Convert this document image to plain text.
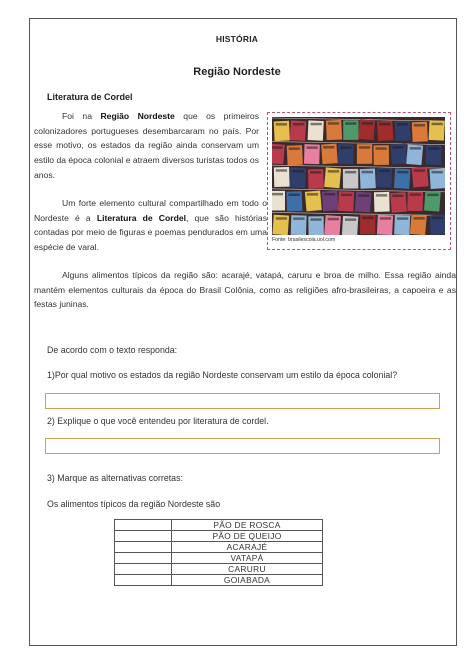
HISTÓRIA
Região Nordeste
Literatura de Cordel

Foi na Região Nordeste que os primeiros colonizadores portugueses desembarcaram no país. Por esse motivo, os estados da região ainda conservam um estilo da época colonial e atraem diversos turistas todos os anos.

Um forte elemento cultural compartilhado em todo o Nordeste é a Literatura de Cordel, que são histórias contadas por meio de figuras e poemas pendurados em uma espécie de varal.

Alguns alimentos típicos da região são: acarajé, vatapá, caruru e broa de milho. Essa região ainda mantém elementos culturais da época do Brasil Colônia, como as religiões afro-brasileiras, a capoeira e as festas juninas.

Fonte: brasilescola.uol.com
De acordo com o texto responda:
1)Por qual motivo os estados da região Nordeste conservam um estilo da época colonial?
2) Explique o que você entendeu por literatura de cordel.
3) Marque as alternativas corretas:
Os alimentos típicos da região Nordeste são
	PÃO DE ROSCA
	PÃO DE QUEIJO
	ACARAJÉ
	VATAPÁ
	CARURU
	GOIABADA
